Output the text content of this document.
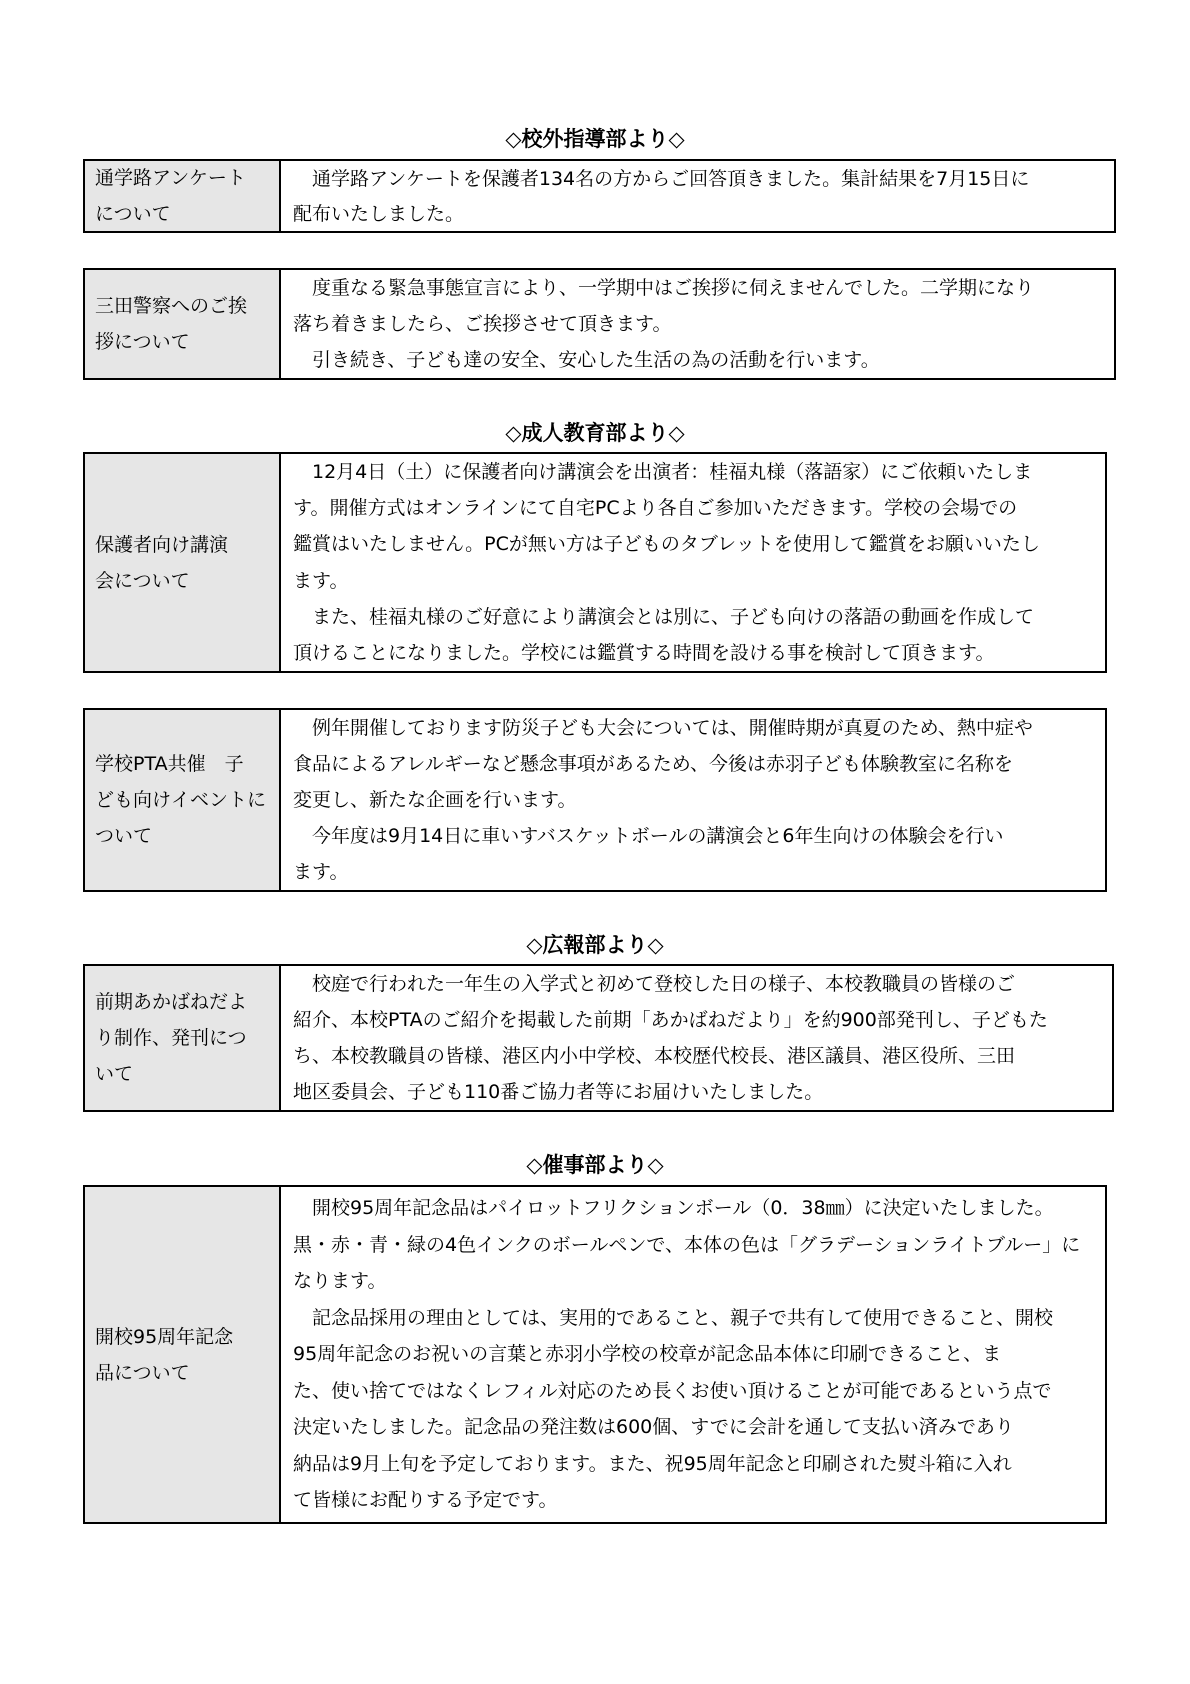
◇校外指導部より◇
通学路アンケート
について
　通学路アンケートを保護者134名の方からご回答頂きました。集計結果を7月15日に
配布いたしました。
三田警察へのご挨
拶について
　度重なる緊急事態宣言により、一学期中はご挨拶に伺えませんでした。二学期になり
落ち着きましたら、ご挨拶させて頂きます。
　引き続き、子ども達の安全、安心した生活の為の活動を行います。
◇成人教育部より◇
保護者向け講演
会について
　12月4日（土）に保護者向け講演会を出演者：桂福丸様（落語家）にご依頼いたしま
す。開催方式はオンラインにて自宅PCより各自ご参加いただきます。学校の会場での
鑑賞はいたしません。PCが無い方は子どものタブレットを使用して鑑賞をお願いいたし
ます。
　また、桂福丸様のご好意により講演会とは別に、子ども向けの落語の動画を作成して
頂けることになりました。学校には鑑賞する時間を設ける事を検討して頂きます。
学校PTA共催　子
ども向けイベントに
ついて
　例年開催しております防災子ども大会については、開催時期が真夏のため、熱中症や
食品によるアレルギーなど懸念事項があるため、今後は赤羽子ども体験教室に名称を
変更し、新たな企画を行います。
　今年度は9月14日に車いすバスケットボールの講演会と6年生向けの体験会を行い
ます。
◇広報部より◇
前期あかばねだよ
り制作、発刊につ
いて
　校庭で行われた一年生の入学式と初めて登校した日の様子、本校教職員の皆様のご
紹介、本校PTAのご紹介を掲載した前期「あかばねだより」を約900部発刊し、子どもた
ち、本校教職員の皆様、港区内小中学校、本校歴代校長、港区議員、港区役所、三田
地区委員会、子ども110番ご協力者等にお届けいたしました。
◇催事部より◇
開校95周年記念
品について
　開校95周年記念品はパイロットフリクションボール（0．38㎜）に決定いたしました。
黒・赤・青・緑の4色インクのボールペンで、本体の色は「グラデーションライトブルー」に
なります。
　記念品採用の理由としては、実用的であること、親子で共有して使用できること、開校
95周年記念のお祝いの言葉と赤羽小学校の校章が記念品本体に印刷できること、ま
た、使い捨てではなくレフィル対応のため長くお使い頂けることが可能であるという点で
決定いたしました。記念品の発注数は600個、すでに会計を通して支払い済みであり
納品は9月上旬を予定しております。また、祝95周年記念と印刷された熨斗箱に入れ
て皆様にお配りする予定です。
